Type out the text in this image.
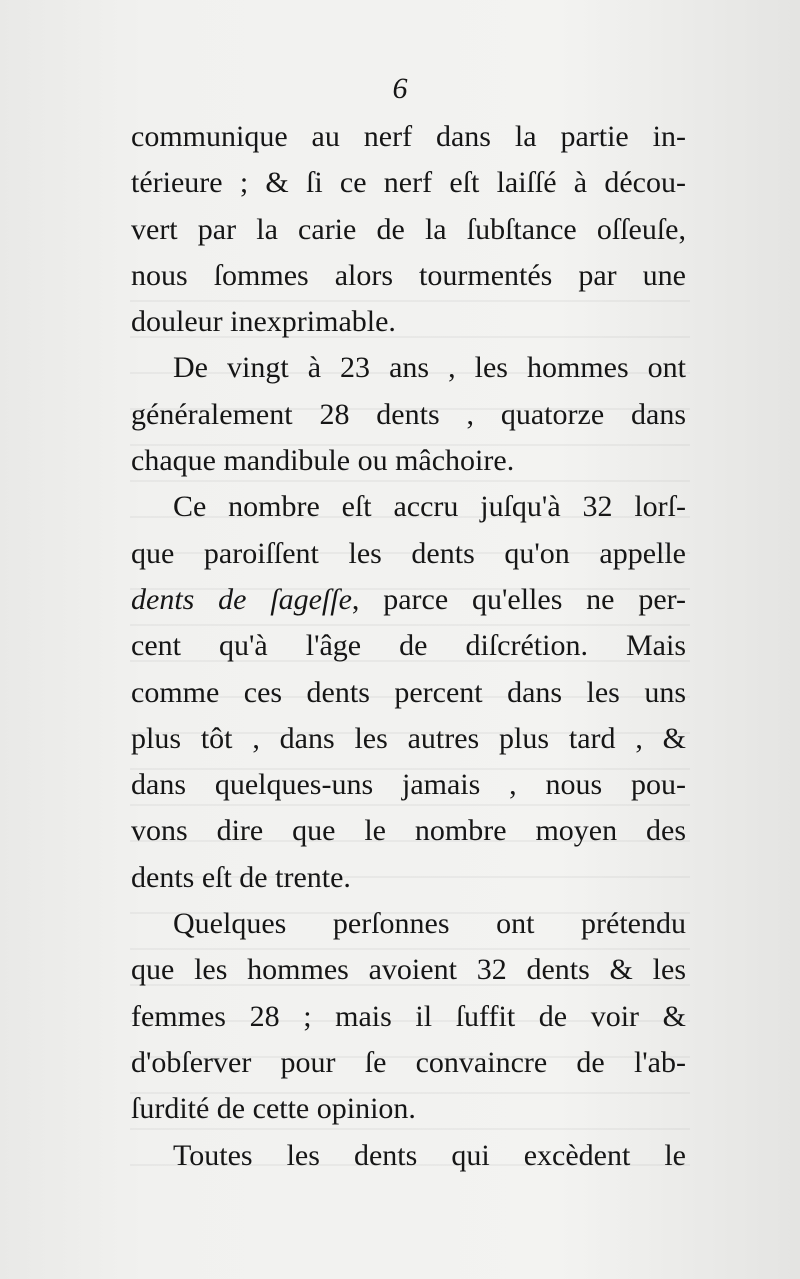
6

communique au nerf dans la partie in-
térieure ; & ſi ce nerf eſt laiſſé à décou-
vert par la carie de la ſubſtance oſſeuſe,
nous ſommes alors tourmentés par une
douleur inexprimable.

De vingt à 23 ans , les hommes ont
généralement 28 dents , quatorze dans
chaque mandibule ou mâchoire.

Ce nombre eſt accru juſqu'à 32 lorſ-
que paroiſſent les dents qu'on appelle
dents de ſageſſe, parce qu'elles ne per-
cent qu'à l'âge de diſcrétion. Mais
comme ces dents percent dans les uns
plus tôt , dans les autres plus tard , &
dans quelques-uns jamais , nous pou-
vons dire que le nombre moyen des
dents eſt de trente.

Quelques perſonnes ont prétendu
que les hommes avoient 32 dents & les
femmes 28 ; mais il ſuffit de voir &
d'obſerver pour ſe convaincre de l'ab-
ſurdité de cette opinion.

Toutes les dents qui excèdent le
